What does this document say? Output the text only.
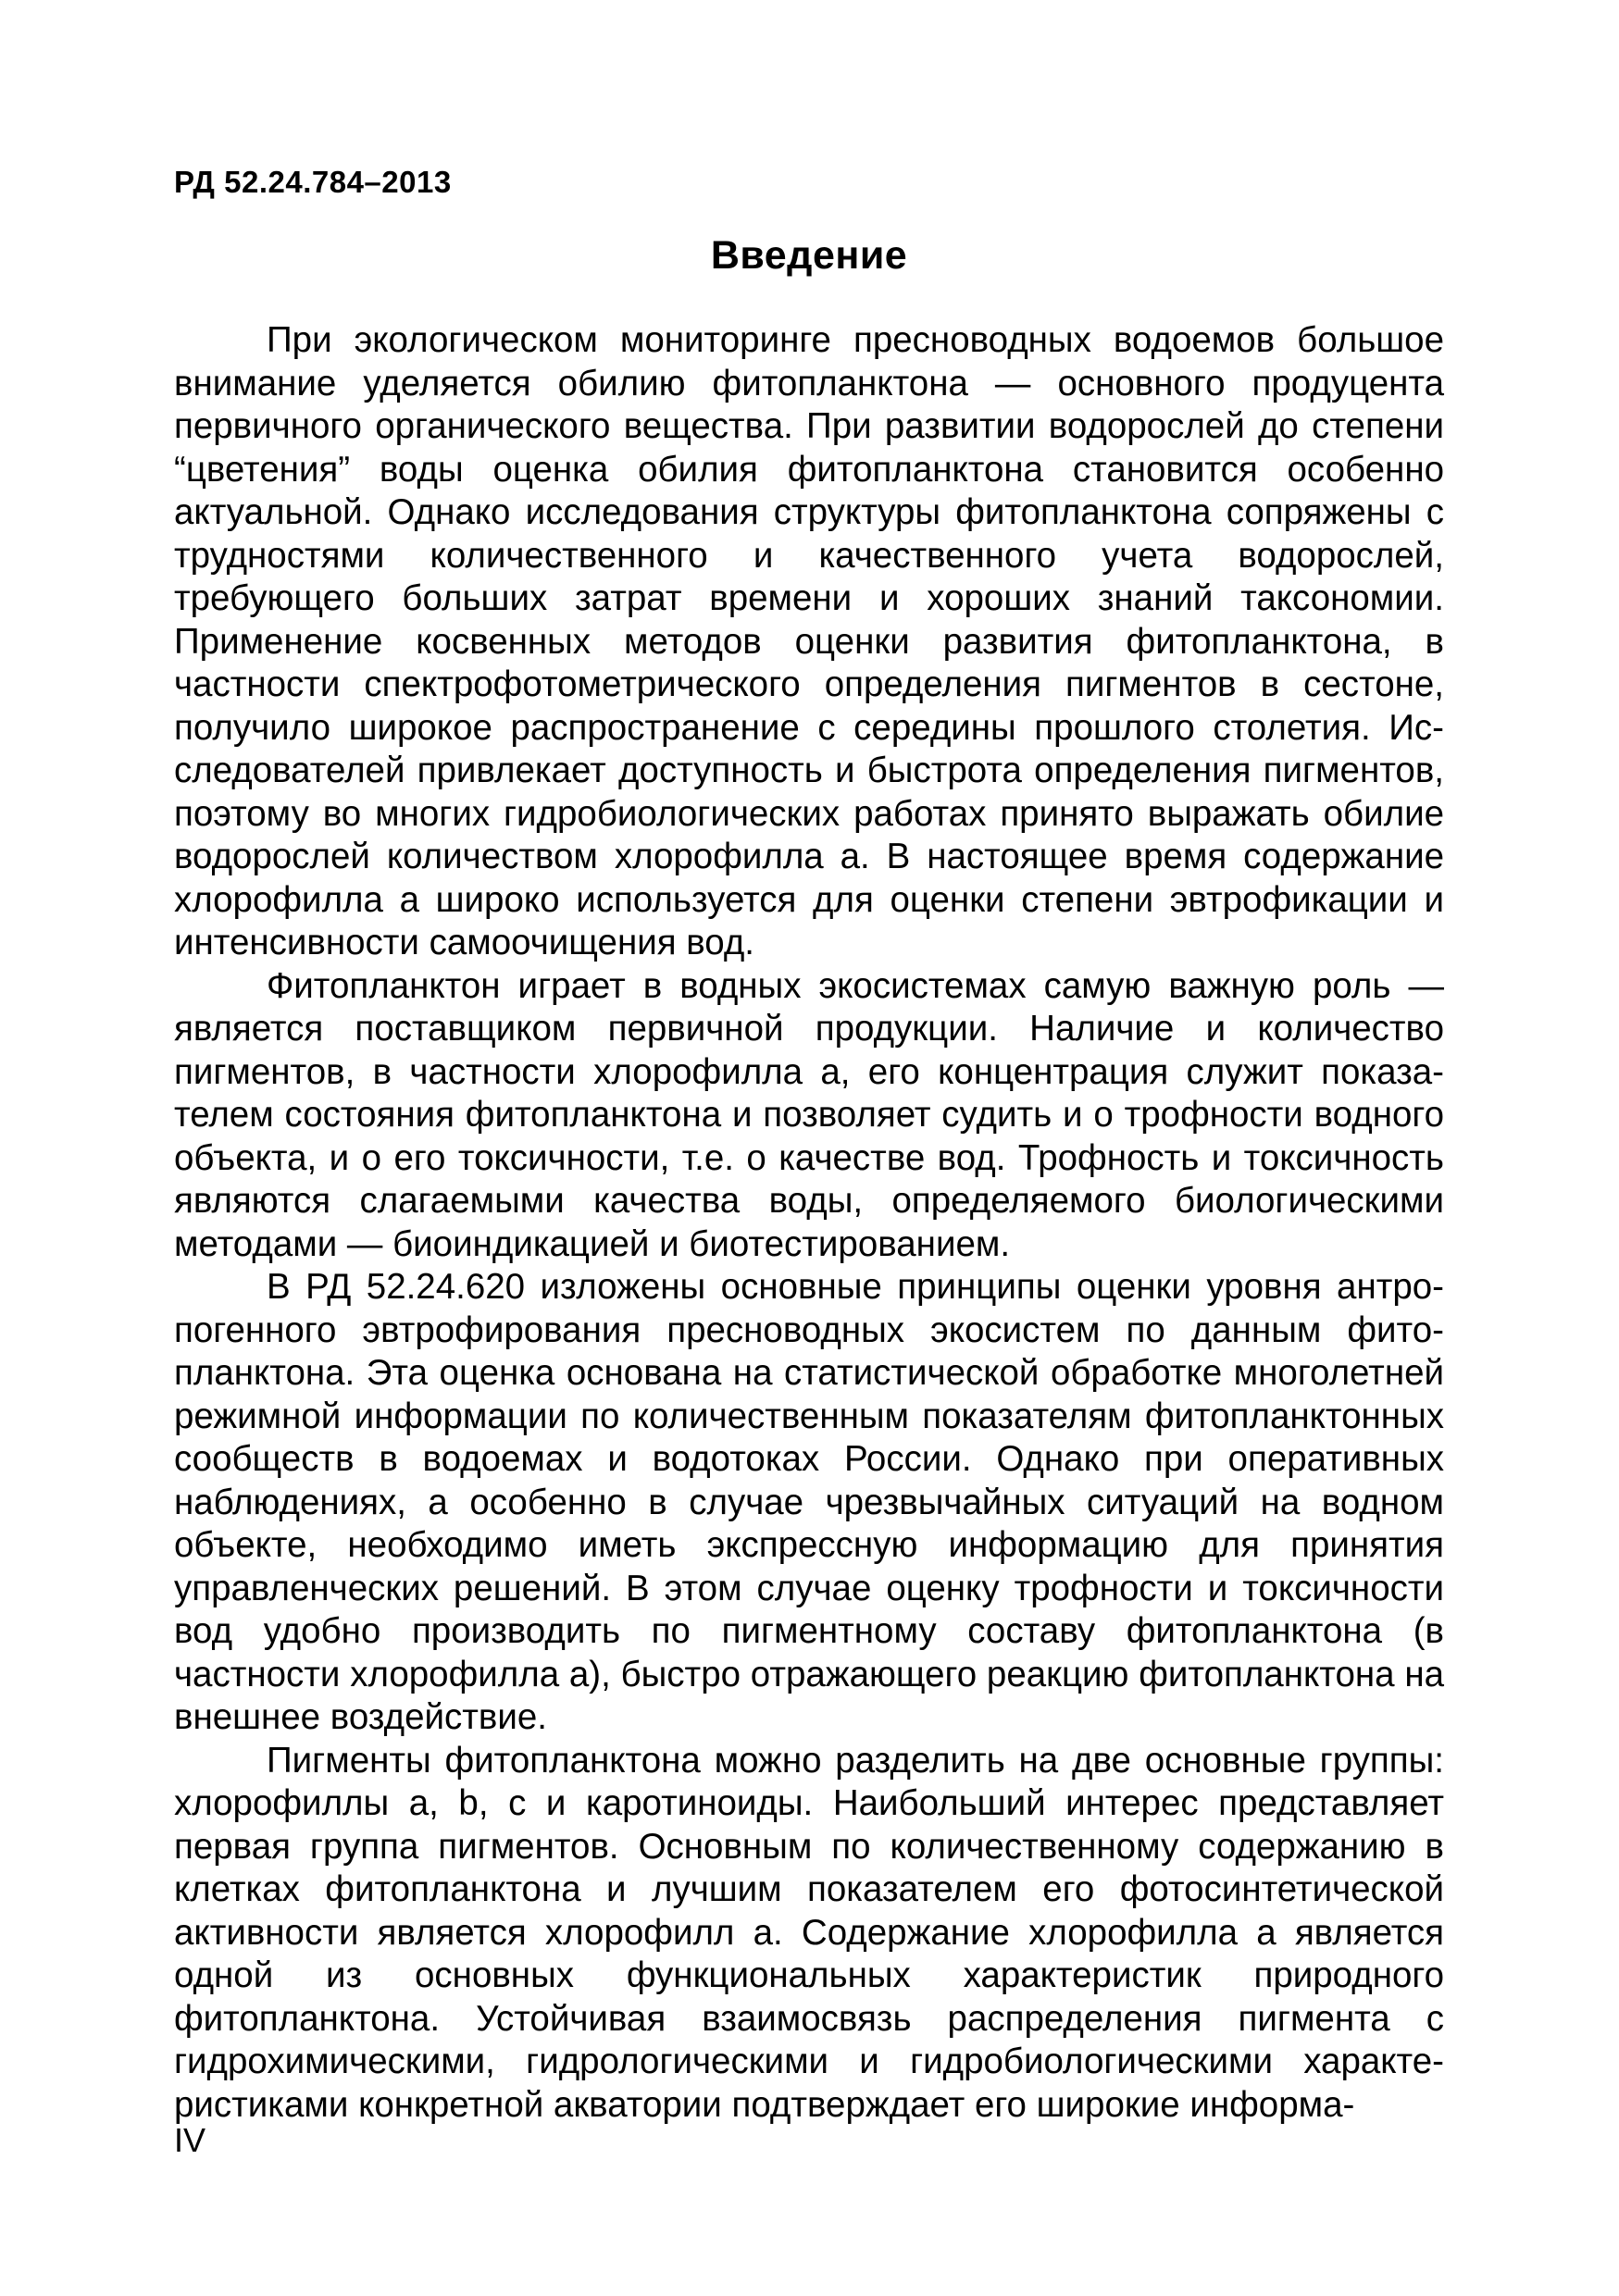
РД 52.24.784–2013
Введение

При экологическом мониторинге пресноводных водоемов большое внимание уделяется обилию фитопланктона — основного продуцента первичного органического вещества. При развитии водорослей до степени “цветения” воды оценка обилия фитопланктона становится особенно актуальной. Однако исследования структуры фитопланктона сопряжены с трудностями количественного и качественного учета водорослей, требующего больших затрат времени и хороших знаний таксономии. Применение косвенных методов оценки развития фитопланктона, в частности спектрофотометрического определения пигментов в сестоне, получило широкое распространение с середины прошлого столетия. Исследователей привлекает доступность и быстрота определения пигментов, поэтому во многих гидробиологических работах принято выражать обилие водорослей количеством хлорофилла a. В настоящее время содержание хлорофилла a широко используется для оценки степени эвтрофикации и интенсивности самоочищения вод.

Фитопланктон играет в водных экосистемах самую важную роль — является поставщиком первичной продукции. Наличие и количество пигментов, в частности хлорофилла a, его концентрация служит показателем состояния фитопланктона и позволяет судить и о трофности водного объекта, и о его токсичности, т.е. о качестве вод. Трофность и токсичность являются слагаемыми качества воды, определяемого биологическими методами — биоиндикацией и биотестированием.

В РД 52.24.620 изложены основные принципы оценки уровня антропогенного эвтрофирования пресноводных экосистем по данным фитопланктона. Эта оценка основана на статистической обработке многолетней режимной информации по количественным показателям фитопланктонных сообществ в водоемах и водотоках России. Однако при оперативных наблюдениях, а особенно в случае чрезвычайных ситуаций на водном объекте, необходимо иметь экспрессную информацию для принятия управленческих решений. В этом случае оценку трофности и токсичности вод удобно производить по пигментному составу фитопланктона (в частности хлорофилла a), быстро отражающего реакцию фитопланктона на внешнее воздействие.

Пигменты фитопланктона можно разделить на две основные группы: хлорофиллы a, b, c и каротиноиды. Наибольший интерес представляет первая группа пигментов. Основным по количественному содержанию в клетках фитопланктона и лучшим показателем его фотосинтетической активности является хлорофилл a. Содержание хлорофилла a является одной из основных функциональных характеристик природного фитопланктона. Устойчивая взаимосвязь распределения пигмента с гидрохимическими, гидрологическими и гидробиологическими характеристиками конкретной акватории подтверждает его широкие информа-

IV
